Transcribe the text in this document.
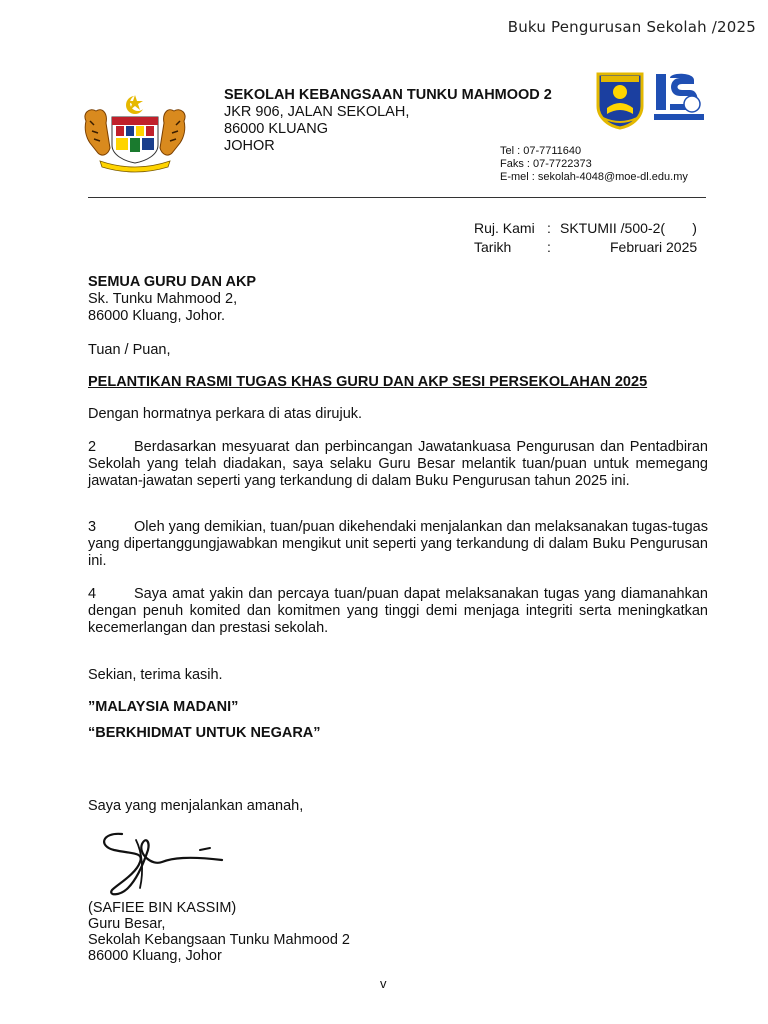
Buku Pengurusan Sekolah /2025
SEKOLAH KEBANGSAAN TUNKU MAHMOOD 2
JKR 906, JALAN SEKOLAH,
86000 KLUANG
JOHOR	Tel : 07-7711640
Faks : 07-7722373
E-mel : sekolah-4048@moe-dl.edu.my
Ruj. Kami : SKTUMII /500-2(       )
Tarikh	:	Februari 2025
SEMUA GURU DAN AKP
Sk. Tunku Mahmood 2,
86000 Kluang, Johor.
Tuan / Puan,
PELANTIKAN RASMI TUGAS KHAS GURU DAN AKP SESI PERSEKOLAHAN 2025
Dengan hormatnya perkara di atas dirujuk.
2	Berdasarkan mesyuarat dan perbincangan Jawatankuasa Pengurusan dan Pentadbiran Sekolah yang telah diadakan, saya selaku Guru Besar melantik tuan/puan untuk memegang jawatan-jawatan seperti yang terkandung di dalam Buku Pengurusan tahun 2025 ini.
3	Oleh yang demikian, tuan/puan dikehendaki menjalankan dan melaksanakan tugas-tugas yang dipertanggungjawabkan mengikut unit seperti yang terkandung di dalam Buku Pengurusan ini.
4	Saya amat yakin dan percaya tuan/puan dapat melaksanakan tugas yang diamanahkan dengan penuh komited dan komitmen yang tinggi demi menjaga integriti serta meningkatkan kecemerlangan dan prestasi sekolah.
Sekian, terima kasih.
”MALAYSIA MADANI”
“BERKHIDMAT UNTUK NEGARA”
Saya yang menjalankan amanah,
(SAFIEE BIN KASSIM)
Guru Besar,
Sekolah Kebangsaan Tunku Mahmood 2
86000 Kluang, Johor
v
